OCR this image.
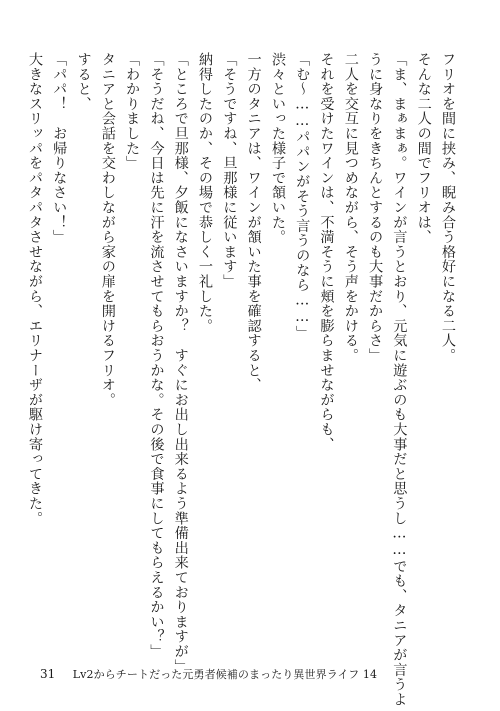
フリオを間に挟み、睨み合う格好になる二人。
そんな二人の間でフリオは、
「ま、まぁまぁ。ワインが言うとおり、元気に遊ぶのも大事だと思うし……でも、タニアが言うよ
うに身なりをきちんとするのも大事だからさ」
二人を交互に見つめながら、そう声をかける。
それを受けたワインは、不満そうに頬を膨らませながらも、
「む～……パパンがそう言うのなら……」
渋々といった様子で頷いた。
一方のタニアは、ワインが頷いた事を確認すると、
「そうですね、旦那様に従います」
納得したのか、その場で恭しく一礼した。
「ところで旦那様、夕飯になさいますか？　すぐにお出し出来るよう準備出来ておりますが」
「そうだね、今日は先に汗を流させてもらおうかな。その後で食事にしてもらえるかい？」
「わかりました」
タニアと会話を交わしながら家の扉を開けるフリオ。
すると、
「パパ！　お帰りなさい！」
大きなスリッパをパタパタさせながら、エリナーザが駆け寄ってきた。
31 Lv2からチートだった元勇者候補のまったり異世界ライフ 14
